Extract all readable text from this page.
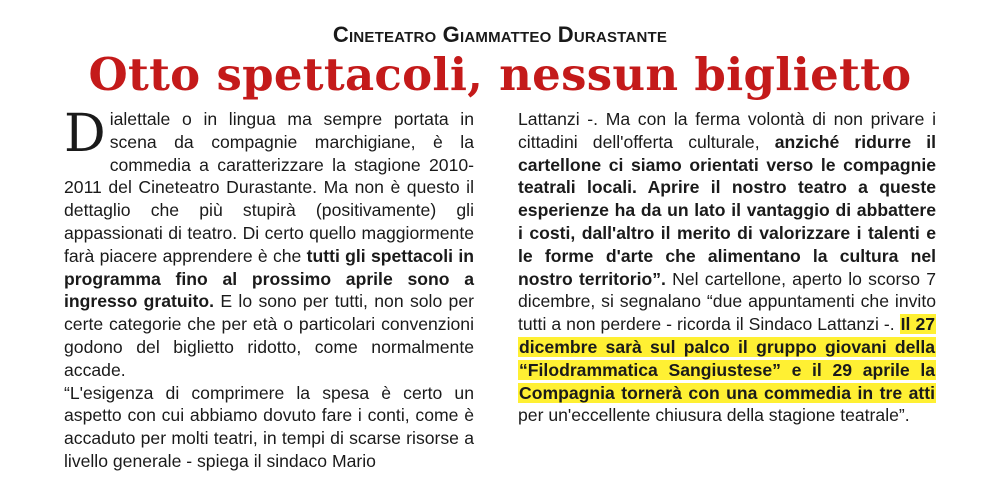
Cineteatro Giammatteo Durastante
Otto spettacoli, nessun biglietto

Dialettale o in lingua ma sempre portata in scena da compagnie marchigiane, è la commedia a caratterizzare la stagione 2010-2011 del Cineteatro Durastante. Ma non è questo il dettaglio che più stupirà (positivamente) gli appassionati di teatro. Di certo quello maggiormente farà piacere apprendere è che tutti gli spettacoli in programma fino al prossimo aprile sono a ingresso gratuito. E lo sono per tutti, non solo per certe categorie che per età o particolari convenzioni godono del biglietto ridotto, come normalmente accade.

“L'esigenza di comprimere la spesa è certo un aspetto con cui abbiamo dovuto fare i conti, come è accaduto per molti teatri, in tempi di scarse risorse a livello generale - spiega il sindaco Mario

Lattanzi -. Ma con la ferma volontà di non privare i cittadini dell'offerta culturale, anziché ridurre il cartellone ci siamo orientati verso le compagnie teatrali locali. Aprire il nostro teatro a queste esperienze ha da un lato il vantaggio di abbattere i costi, dall'altro il merito di valorizzare i talenti e le forme d'arte che alimentano la cultura nel nostro territorio”. Nel cartellone, aperto lo scorso 7 dicembre, si segnalano “due appuntamenti che invito tutti a non perdere - ricorda il Sindaco Lattanzi -. Il 27 dicembre sarà sul palco il gruppo giovani della “Filodrammatica Sangiustese” e il 29 aprile la Compagnia tornerà con una commedia in tre atti per un'eccellente chiusura della stagione teatrale”.
